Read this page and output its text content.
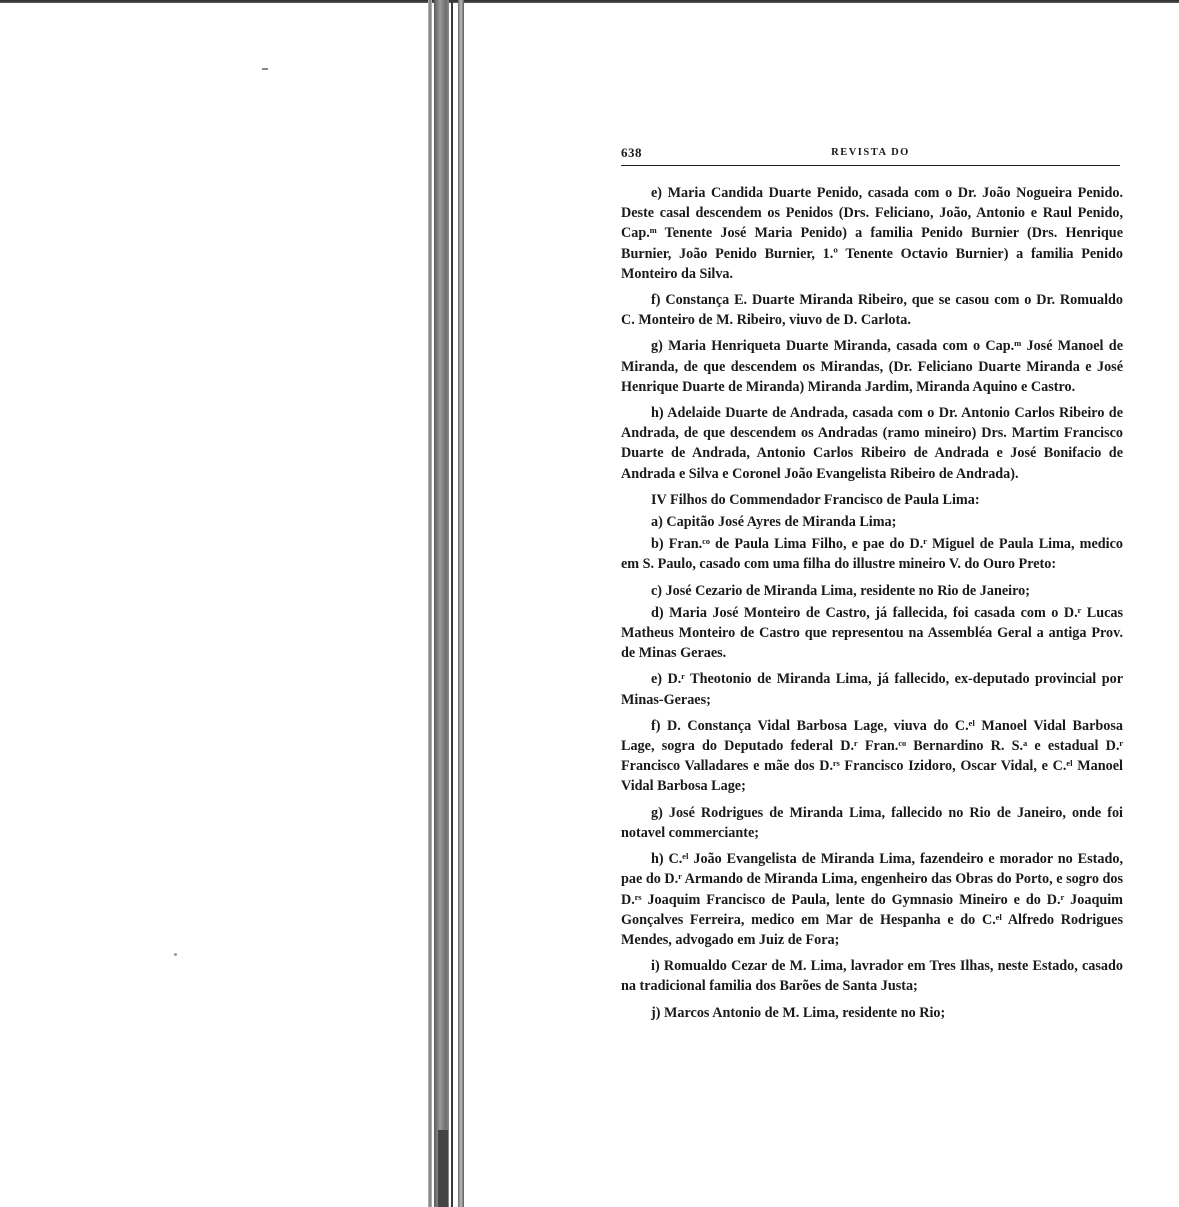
638	REVISTA DO

e) Maria Candida Duarte Penido, casada com o Dr. João Nogueira Penido. Deste casal descendem os Penidos (Drs. Feliciano, João, Antonio e Raul Penido, Cap.ᵐ Tenente José Maria Penido) a familia Penido Burnier (Drs. Henrique Burnier, João Penido Burnier, 1.º Tenente Octavio Burnier) a familia Penido Monteiro da Silva.

f) Constança E. Duarte Miranda Ribeiro, que se casou com o Dr. Romualdo C. Monteiro de M. Ribeiro, viuvo de D. Carlota.

g) Maria Henriqueta Duarte Miranda, casada com o Cap.ᵐ José Manoel de Miranda, de que descendem os Mirandas, (Dr. Feliciano Duarte Miranda e José Henrique Duarte de Miranda) Miranda Jardim, Miranda Aquino e Castro.

h) Adelaide Duarte de Andrada, casada com o Dr. Antonio Carlos Ribeiro de Andrada, de que descendem os Andradas (ramo mineiro) Drs. Martim Francisco Duarte de Andrada, Antonio Carlos Ribeiro de Andrada e José Bonifacio de Andrada e Silva e Coronel João Evangelista Ribeiro de Andrada).

IV Filhos do Commendador Francisco de Paula Lima:

a) Capitão José Ayres de Miranda Lima;

b) Fran.ᶜᵒ de Paula Lima Filho, e pae do D.ʳ Miguel de Paula Lima, medico em S. Paulo, casado com uma filha do illustre mineiro V. do Ouro Preto:

c) José Cezario de Miranda Lima, residente no Rio de Janeiro;

d) Maria José Monteiro de Castro, já fallecida, foi casada com o D.ʳ Lucas Matheus Monteiro de Castro que representou na Assembléa Geral a antiga Prov. de Minas Geraes.

e) D.ʳ Theotonio de Miranda Lima, já fallecido, ex-deputado provincial por Minas-Geraes;

f) D. Constança Vidal Barbosa Lage, viuva do C.ᵉˡ Manoel Vidal Barbosa Lage, sogra do Deputado federal D.ʳ Fran.ᶜᵒ Bernardino R. S.ᵃ e estadual D.ʳ Francisco Valladares e mãe dos D.ʳˢ Francisco Izidoro, Oscar Vidal, e C.ᵉˡ Manoel Vidal Barbosa Lage;

g) José Rodrigues de Miranda Lima, fallecido no Rio de Janeiro, onde foi notavel commerciante;

h) C.ᵉˡ João Evangelista de Miranda Lima, fazendeiro e morador no Estado, pae do D.ʳ Armando de Miranda Lima, engenheiro das Obras do Porto, e sogro dos D.ʳˢ Joaquim Francisco de Paula, lente do Gymnasio Mineiro e do D.ʳ Joaquim Gonçalves Ferreira, medico em Mar de Hespanha e do C.ᵉˡ Alfredo Rodrigues Mendes, advogado em Juiz de Fora;

i) Romualdo Cezar de M. Lima, lavrador em Tres Ilhas, neste Estado, casado na tradicional familia dos Barões de Santa Justa;

j) Marcos Antonio de M. Lima, residente no Rio;
